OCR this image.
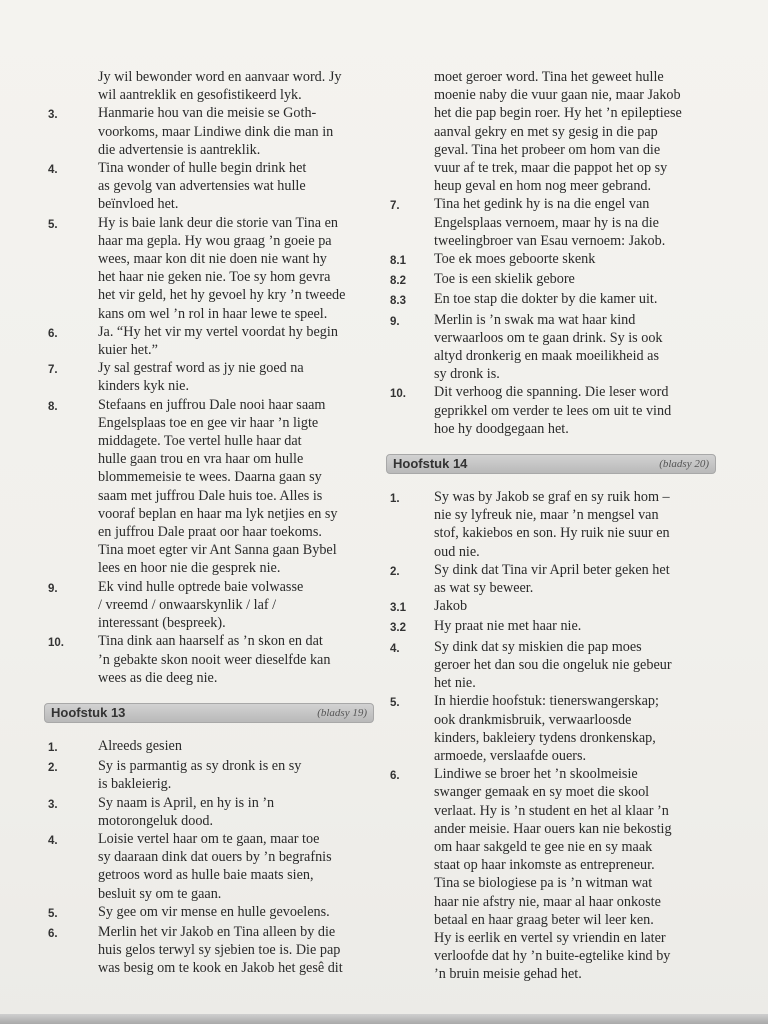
Jy wil bewonder word en aanvaar word. Jy
wil aantreklik en gesofistikeerd lyk.
3.	Hanmarie hou van die meisie se Goth-
voorkoms, maar Lindiwe dink die man in
die advertensie is aantreklik.
4.	Tina wonder of hulle begin drink het
as gevolg van advertensies wat hulle
beïnvloed het.
5.	Hy is baie lank deur die storie van Tina en
haar ma gepla. Hy wou graag ’n goeie pa
wees, maar kon dit nie doen nie want hy
het haar nie geken nie. Toe sy hom gevra
het vir geld, het hy gevoel hy kry ’n tweede
kans om wel ’n rol in haar lewe te speel.
6.	Ja. “Hy het vir my vertel voordat hy begin
kuier het.”
7.	Jy sal gestraf word as jy nie goed na
kinders kyk nie.
8.	Stefaans en juffrou Dale nooi haar saam
Engelsplaas toe en gee vir haar ’n ligte
middagete. Toe vertel hulle haar dat
hulle gaan trou en vra haar om hulle
blommemeisie te wees. Daarna gaan sy
saam met juffrou Dale huis toe. Alles is
vooraf beplan en haar ma lyk netjies en sy
en juffrou Dale praat oor haar toekoms.
Tina moet egter vir Ant Sanna gaan Bybel
lees en hoor nie die gesprek nie.
9.	Ek vind hulle optrede baie volwasse
/ vreemd / onwaarskynlik / laf /
interessant (bespreek).
10.	Tina dink aan haarself as ’n skon en dat
’n gebakte skon nooit weer dieselfde kan
wees as die deeg nie.
Hoofstuk 13	(bladsy 19)
1.	Alreeds gesien
2.	Sy is parmantig as sy dronk is en sy
is bakleierig.
3.	Sy naam is April, en hy is in ’n
motorongeluk dood.
4.	Loisie vertel haar om te gaan, maar toe
sy daaraan dink dat ouers by ’n begrafnis
getroos word as hulle baie maats sien,
besluit sy om te gaan.
5.	Sy gee om vir mense en hulle gevoelens.
6.	Merlin het vir Jakob en Tina alleen by die
huis gelos terwyl sy sjebien toe is. Die pap
was besig om te kook en Jakob het gesê dit
moet geroer word. Tina het geweet hulle
moenie naby die vuur gaan nie, maar Jakob
het die pap begin roer. Hy het ’n epileptiese
aanval gekry en met sy gesig in die pap
geval. Tina het probeer om hom van die
vuur af te trek, maar die pappot het op sy
heup geval en hom nog meer gebrand.
7.	Tina het gedink hy is na die engel van
Engelsplaas vernoem, maar hy is na die
tweelingbroer van Esau vernoem: Jakob.
8.1	Toe ek moes geboorte skenk
8.2	Toe is een skielik gebore
8.3	En toe stap die dokter by die kamer uit.
9.	Merlin is ’n swak ma wat haar kind
verwaarloos om te gaan drink. Sy is ook
altyd dronkerig en maak moeilikheid as
sy dronk is.
10.	Dit verhoog die spanning. Die leser word
geprikkel om verder te lees om uit te vind
hoe hy doodgegaan het.
Hoofstuk 14	(bladsy 20)
1.	Sy was by Jakob se graf en sy ruik hom –
nie sy lyfreuk nie, maar ’n mengsel van
stof, kakiebos en son. Hy ruik nie suur en
oud nie.
2.	Sy dink dat Tina vir April beter geken het
as wat sy beweer.
3.1	Jakob
3.2	Hy praat nie met haar nie.
4.	Sy dink dat sy miskien die pap moes
geroer het dan sou die ongeluk nie gebeur
het nie.
5.	In hierdie hoofstuk: tienerswangerskap;
ook drankmisbruik, verwaarloosde
kinders, bakleiery tydens dronkenskap,
armoede, verslaafde ouers.
6.	Lindiwe se broer het ’n skoolmeisie
swanger gemaak en sy moet die skool
verlaat. Hy is ’n student en het al klaar ’n
ander meisie. Haar ouers kan nie bekostig
om haar sakgeld te gee nie en sy maak
staat op haar inkomste as entrepreneur.
Tina se biologiese pa is ’n witman wat
haar nie afstry nie, maar al haar onkoste
betaal en haar graag beter wil leer ken.
Hy is eerlik en vertel sy vriendin en later
verloofde dat hy ’n buite-egtelike kind by
’n bruin meisie gehad het.
